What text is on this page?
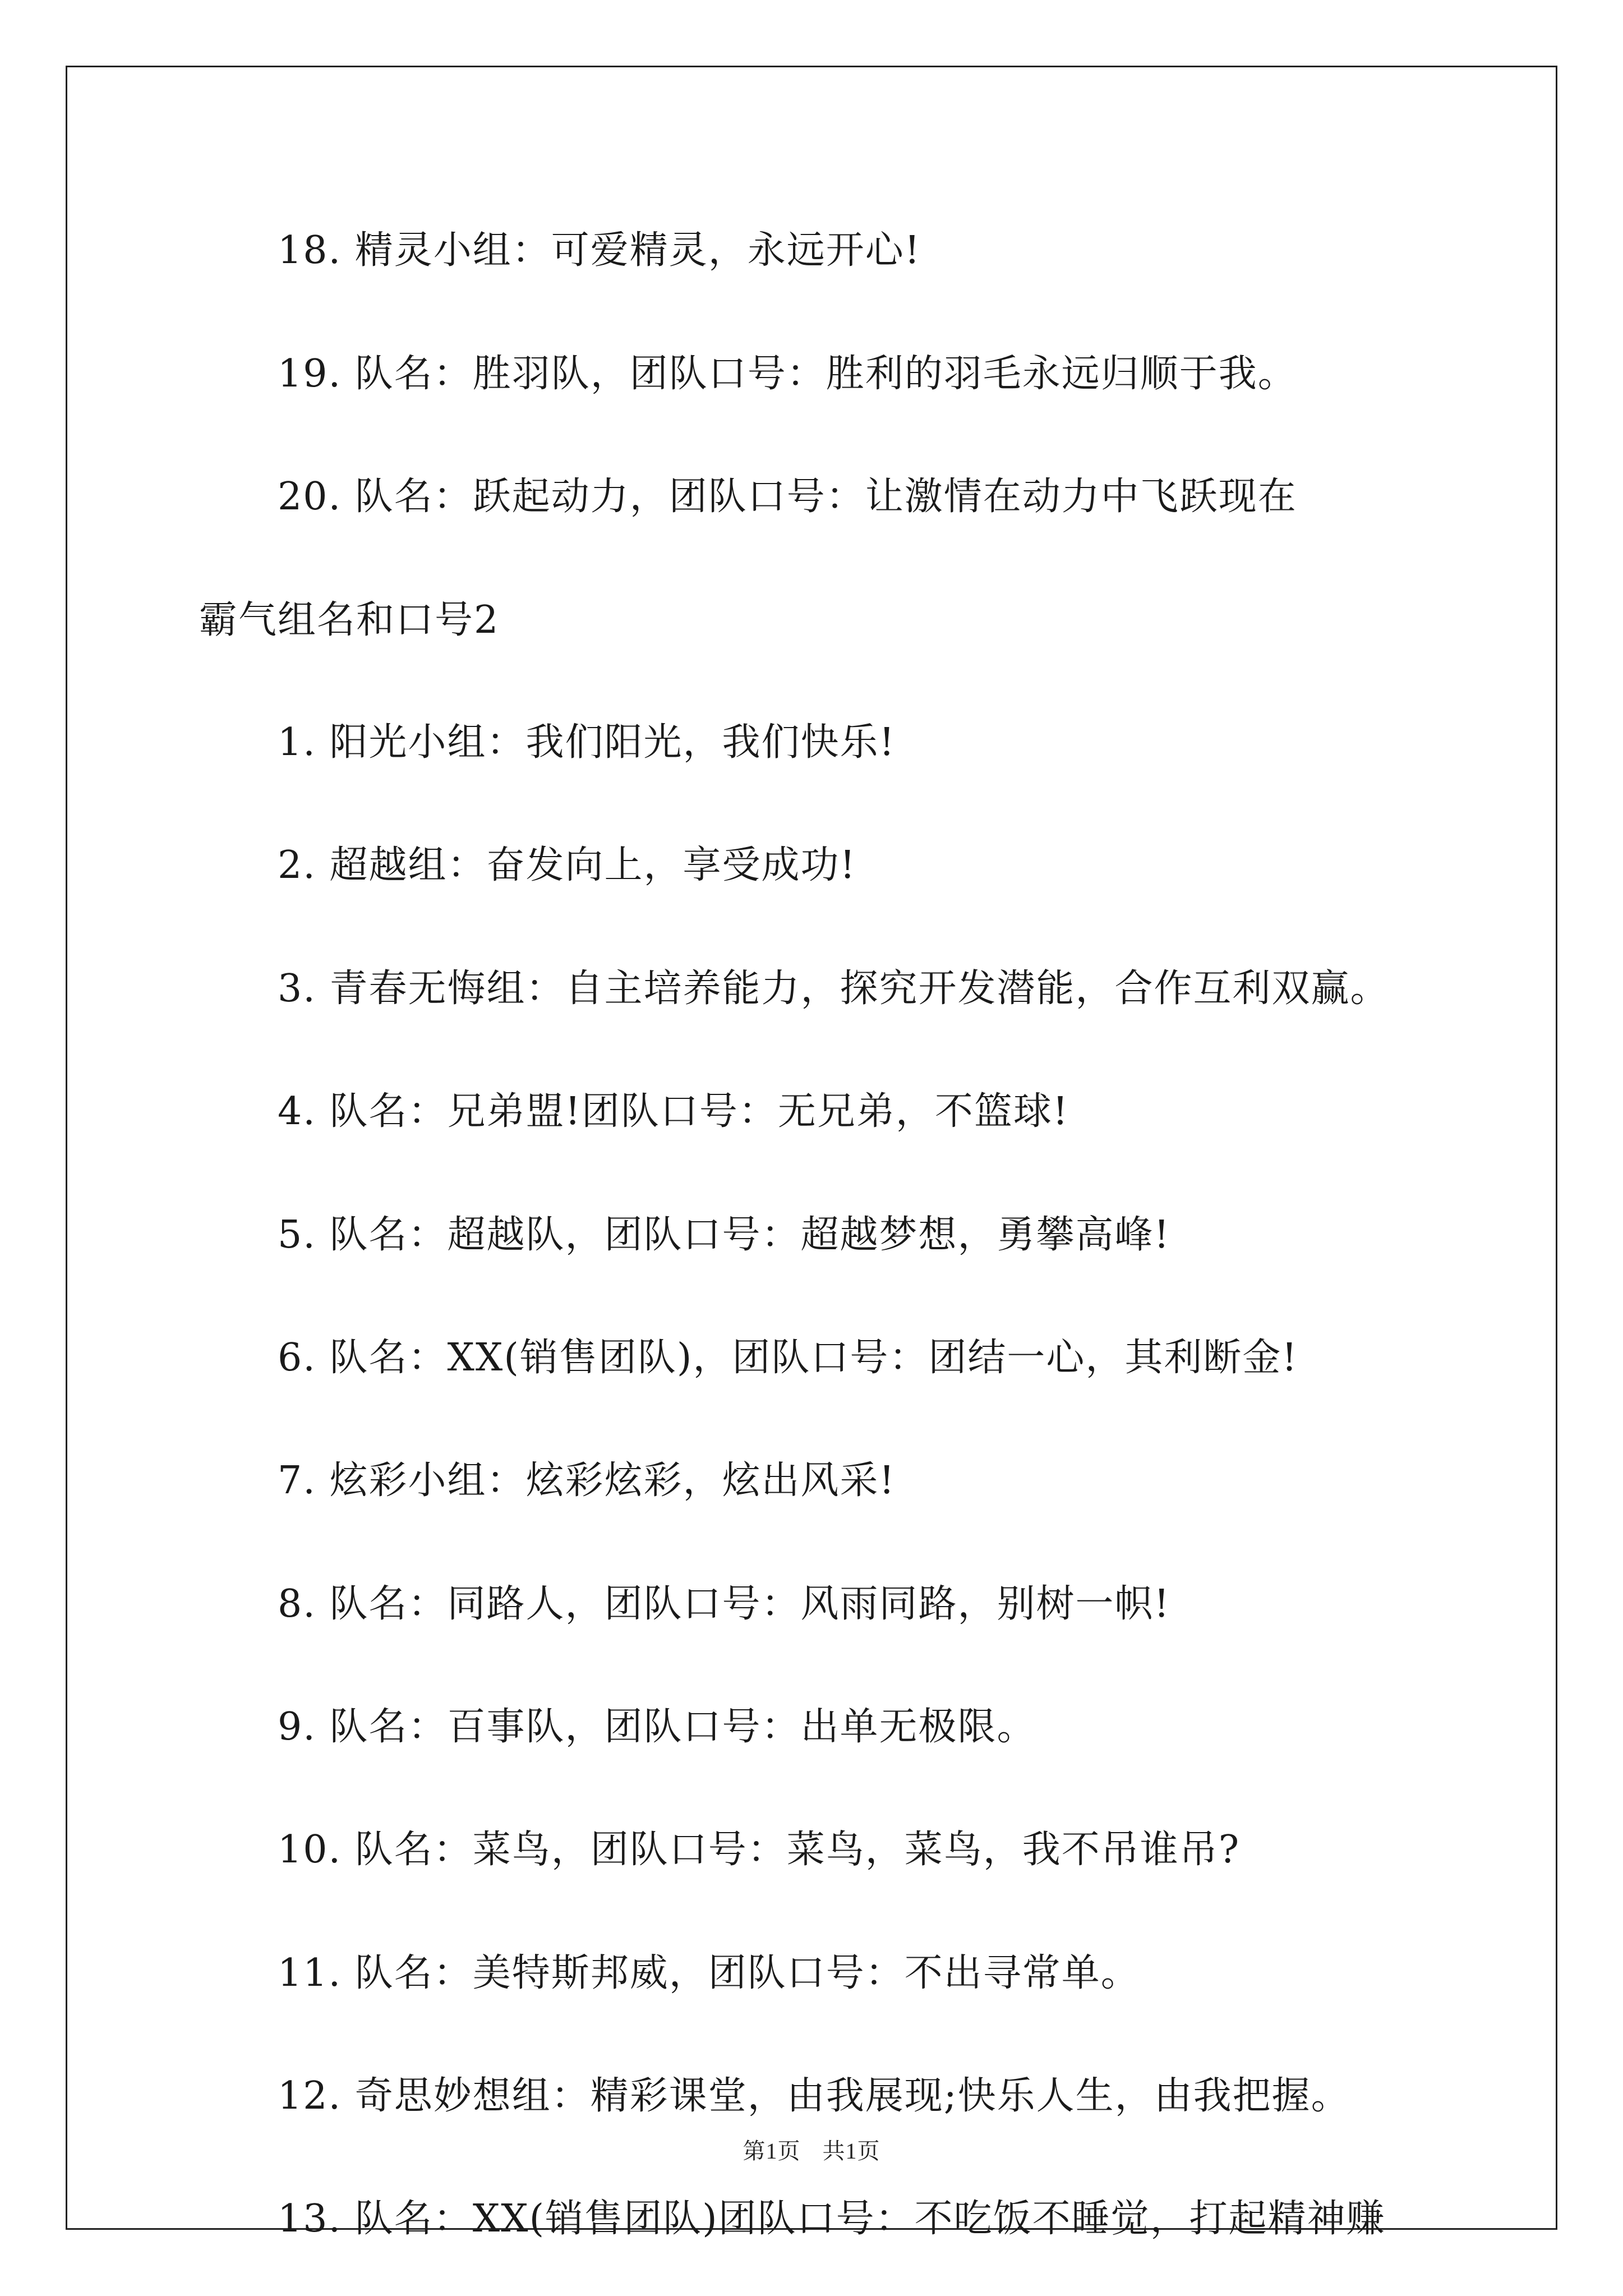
18. 精灵小组：可爱精灵，永远开心!
19. 队名：胜羽队，团队口号：胜利的羽毛永远归顺于我。
20. 队名：跃起动力，团队口号：让激情在动力中飞跃现在
霸气组名和口号2
1. 阳光小组：我们阳光，我们快乐!
2. 超越组：奋发向上，享受成功!
3. 青春无悔组：自主培养能力，探究开发潜能，合作互利双赢。
4. 队名：兄弟盟!团队口号：无兄弟，不篮球!
5. 队名：超越队，团队口号：超越梦想，勇攀高峰!
6. 队名：XX(销售团队)，团队口号：团结一心，其利断金!
7. 炫彩小组：炫彩炫彩，炫出风采!
8. 队名：同路人，团队口号：风雨同路，别树一帜!
9. 队名：百事队，团队口号：出单无极限。
10. 队名：菜鸟，团队口号：菜鸟，菜鸟，我不吊谁吊?
11. 队名：美特斯邦威，团队口号：不出寻常单。
12. 奇思妙想组：精彩课堂，由我展现;快乐人生，由我把握。
13. 队名：XX(销售团队)团队口号：不吃饭不睡觉，打起精神赚
第1页 共1页
